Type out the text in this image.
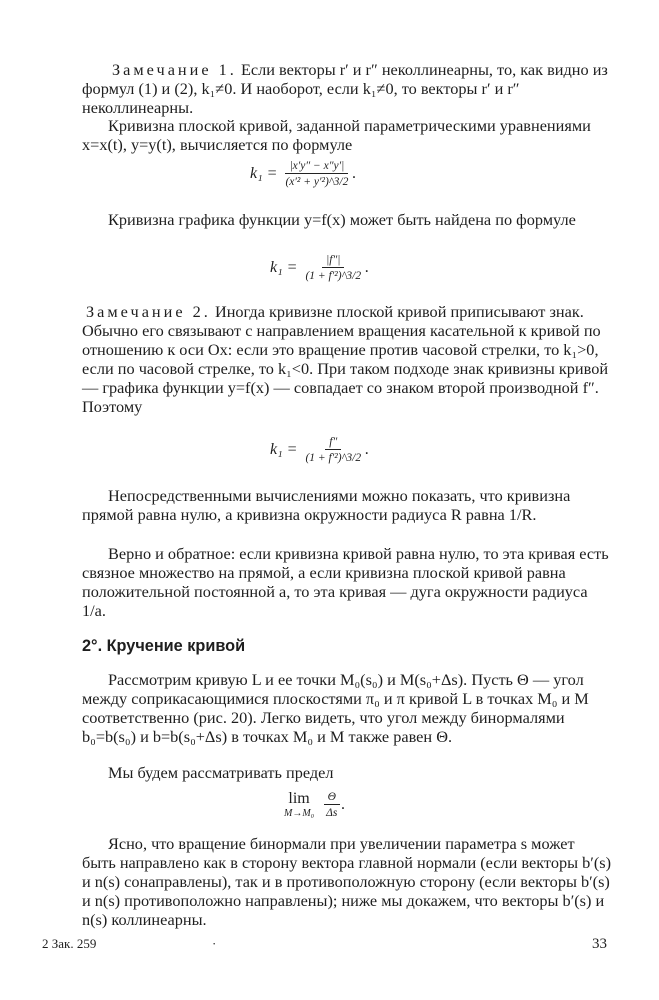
Замечание 1. Если векторы r′ и r″ неколлинеарны, то, как видно из формул (1) и (2), k₁≠0. И наоборот, если k₁≠0, то векторы r′ и r″ неколлинеарны.
Кривизна плоской кривой, заданной параметрическими уравнениями x=x(t), y=y(t), вычисляется по формуле
$k_1 = \frac{|x'y'' - x''y'|}{\text{(x′² + y′²)\textasciicircum{}3/2}}$ .
Кривизна графика функции y=f(x) может быть найдена по формуле
$k_1 = \frac{|f''|}{\text{(1 + f′²)\textasciicircum{}3/2}}$ .
Замечание 2. Иногда кривизне плоской кривой приписывают знак. Обычно его связывают с направлением вращения касательной к кривой по отношению к оси Ox: если это вращение против часовой стрелки, то k₁>0, если по часовой стрелке, то k₁<0. При таком подходе знак кривизны кривой — графика функции y=f(x) — совпадает со знаком второй производной f″. Поэтому
$k_1 = \frac{f''}{\text{(1 + f′²)\textasciicircum{}3/2}}$ .
Непосредственными вычислениями можно показать, что кривизна прямой равна нулю, а кривизна окружности радиуса R равна 1/R.
Верно и обратное: если кривизна кривой равна нулю, то эта кривая есть связное множество на прямой, а если кривизна плоской кривой равна положительной постоянной a, то эта кривая — дуга окружности радиуса 1/a.
2°. Кручение кривой
Рассмотрим кривую L и ее точки M₀(s₀) и M(s₀+Δs). Пусть Θ — угол между соприкасающимися плоскостями π₀ и π кривой L в точках M₀ и M соответственно (рис. 20). Легко видеть, что угол между бинормалями b₀=b(s₀) и b=b(s₀+Δs) в точках M₀ и M также равен Θ.
Мы будем рассматривать предел
lim
$M\to M_0 \frac{\Theta}{\Delta s}$ .
Ясно, что вращение бинормали при увеличении параметра s может быть направлено как в сторону вектора главной нормали (если векторы b′(s) и n(s) сонаправлены), так и в противоположную сторону (если векторы b′(s) и n(s) противоположно направлены); ниже мы докажем, что векторы b′(s) и n(s) коллинеарны.
2 Зак. 259	·	33
